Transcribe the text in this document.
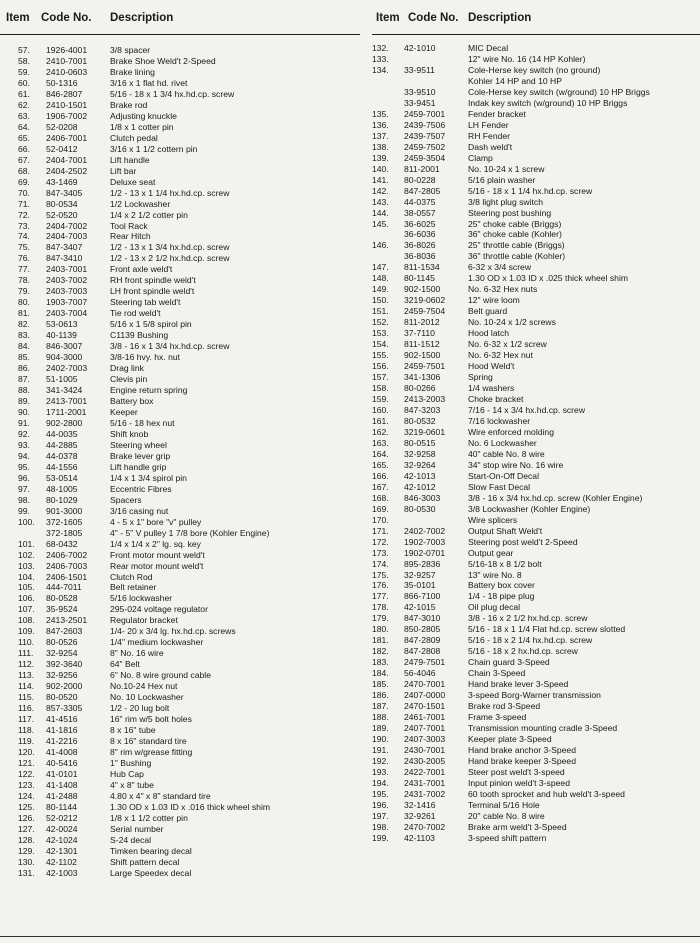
Item Code No. Description
57. 1926-4001	3/8 spacer
58. 2410-7001	Brake Shoe Weld't 2-Speed
59. 2410-0603	Brake lining
60. 50-1316	3/16 x 1 flat hd. rivet
61. 846-2807	5/16 - 18 x 1 3/4 hx.hd.cp. screw
62. 2410-1501	Brake rod
63. 1906-7002	Adjusting knuckle
64. 52-0208	1/8 x 1 cotter pin
65. 2406-7001	Clutch pedal
66. 52-0412	3/16 x 1 1/2 cottern pin
67. 2404-7001	Lift handle
68. 2404-2502	Lift bar
69. 43-1469	Deluxe seat
70. 847-3405	1/2 - 13 x 1 1/4 hx.hd.cp. screw
71. 80-0534	1/2 Lockwasher
72. 52-0520	1/4 x 2 1/2 cotter pin
73. 2404-7002	Tool Rack
74. 2404-7003	Rear Hitch
75. 847-3407	1/2 - 13 x 1 3/4 hx.hd.cp. screw
76. 847-3410	1/2 - 13 x 2 1/2 hx.hd.cp. screw
77. 2403-7001	Front axle weld't
78. 2403-7002	RH front spindle weld't
79. 2403-7003	LH front spindle weld't
80. 1903-7007	Steering tab weld't
81. 2403-7004	Tie rod weld't
82. 53-0613	5/16 x 1 5/8 spirol pin
83. 40-1139	C1139 Bushing
84. 846-3007	3/8 - 16 x 1 3/4 hx.hd.cp. screw
85. 904-3000	3/8-16 hvy. hx. nut
86. 2402-7003	Drag link
87. 51-1005	Clevis pin
88. 341-3424	Engine return spring
89. 2413-7001	Battery box
90. 1711-2001	Keeper
91. 902-2800	5/16 - 18 hex nut
92. 44-0035	Shift knob
93. 44-2885	Steering wheel
94. 44-0378	Brake lever grip
95. 44-1556	Lift handle grip
96. 53-0514	1/4 x 1 3/4 spirol pin
97. 48-1005	Eccentric Fibres
98. 80-1029	Spacers
99. 901-3000	3/16 casing nut
100. 372-1605	4 - 5 x 1" bore "v" pulley
372-1805	4" - 5" V pulley 1 7/8 bore (Kohler Engine)
101. 68-0432	1/4 x 1/4 x 2" lg. sq. key
102. 2406-7002	Front motor mount weld't
103. 2406-7003	Rear motor mount weld't
104. 2406-1501	Clutch Rod
105. 444-7011	Belt retainer
106. 80-0528	5/16 lockwasher
107. 35-9524	295-024 voltage regulator
108. 2413-2501	Regulator bracket
109. 847-2603	1/4- 20 x 3/4 lg. hx.hd.cp. screws
110. 80-0526	1/4" medium lockwasher
111. 32-9254	8" No. 16 wire
112. 392-3640	64" Belt
113. 32-9256	6" No. 8 wire ground cable
114. 902-2000	No.10-24 Hex nut
115. 80-0520	No. 10 Lockwasher
116. 857-3305	1/2 - 20 lug bolt
117. 41-4516	16" rim w/5 bolt holes
118. 41-1816	8 x 16" tube
119. 41-2216	8 x 16" standard tire
120. 41-4008	8" rim w/grease fitting
121. 40-5416	1" Bushing
122. 41-0101	Hub Cap
123. 41-1408	4" x 8" tube
124. 41-2488	4.80 x 4" x 8" standard tire
125. 80-1144	1.30 OD x 1.03 ID x .016 thick wheel shim
126. 52-0212	1/8 x 1 1/2 cotter pin
127. 42-0024	Serial number
128. 42-1024	S-24 decal
129. 42-1301	Timken bearing decal
130. 42-1102	Shift pattern decal
131. 42-1003	Large Speedex decal
Item Code No. Description
132. 42-1010	MIC Decal
133.	12" wire No. 16 (14 HP Kohler)
134. 33-9511	Cole-Herse key switch (no ground)
Kohler 14 HP and 10 HP
33-9510	Cole-Herse key switch (w/ground) 10 HP Briggs
33-9451	Indak key switch (w/ground) 10 HP Briggs
135. 2459-7001	Fender bracket
136. 2439-7506	LH Fender
137. 2439-7507	RH Fender
138. 2459-7502	Dash weld't
139. 2459-3504	Clamp
140. 811-2001	No. 10-24 x 1 screw
141. 80-0228	5/16 plain washer
142. 847-2805	5/16 - 18 x 1 1/4 hx.hd.cp. screw
143. 44-0375	3/8 light plug switch
144. 38-0557	Steering post bushing
145. 36-6025	25" choke cable (Briggs)
36-6036	36" choke cable (Kohler)
146. 36-8026	25" throttle cable (Briggs)
36-8036	36" throttle cable (Kohler)
147. 811-1534	6-32 x 3/4 screw
148. 80-1145	1.30 OD x 1.03 ID x .025 thick wheel shim
149. 902-1500	No. 6-32 Hex nuts
150. 3219-0602	12" wire loom
151. 2459-7504	Belt guard
152. 811-2012	No. 10-24 x 1/2 screws
153. 37-7110	Hood latch
154. 811-1512	No. 6-32 x 1/2 screw
155. 902-1500	No. 6-32 Hex nut
156. 2459-7501	Hood Weld't
157. 341-1306	Spring
158. 80-0266	1/4 washers
159. 2413-2003	Choke bracket
160. 847-3203	7/16 - 14 x 3/4 hx.hd.cp. screw
161. 80-0532	7/16 lockwasher
162. 3219-0601	Wire enforced molding
163. 80-0515	No. 6 Lockwasher
164. 32-9258	40" cable No. 8 wire
165. 32-9264	34" stop wire No. 16 wire
166. 42-1013	Start-On-Off Decal
167. 42-1012	Slow Fast Decal
168. 846-3003	3/8 - 16 x 3/4 hx.hd.cp. screw (Kohler Engine)
169. 80-0530	3/8 Lockwasher (Kohler Engine)
170.	Wire splicers
171. 2402-7002	Output Shaft Weld't
172. 1902-7003	Steering post weld't 2-Speed
173. 1902-0701	Output gear
174. 895-2836	5/16-18 x 8 1/2 bolt
175. 32-9257	13" wire No. 8
176. 35-0101	Battery box cover
177. 866-7100	1/4 - 18 pipe plug
178. 42-1015	Oil plug decal
179. 847-3010	3/8 - 16 x 2 1/2 hx.hd.cp. screw
180. 850-2805	5/16 - 18 x 1 1/4 Flat hd.cp. screw slotted
181. 847-2809	5/16 - 18 x 2 1/4 hx.hd.cp. screw
182. 847-2808	5/16 - 18 x 2 hx.hd.cp. screw
183. 2479-7501	Chain guard 3-Speed
184. 56-4046	Chain 3-Speed
185. 2470-7001	Hand brake lever 3-Speed
186. 2407-0000	3-speed Borg-Warner transmission
187. 2470-1501	Brake rod 3-Speed
188. 2461-7001	Frame 3-speed
189. 2407-7001	Transmission mounting cradle 3-Speed
190. 2407-3003	Keeper plate 3-Speed
191. 2430-7001	Hand brake anchor 3-Speed
192. 2430-2005	Hand brake keeper 3-Speed
193. 2422-7001	Steer post weld't 3-speed
194. 2431-7001	Input pinion weld't 3-speed
195. 2431-7002	60 tooth sprocket and hub weld't 3-speed
196. 32-1416	Terminal 5/16 Hole
197. 32-9261	20" cable No. 8 wire
198. 2470-7002	Brake arm weld't 3-Speed
199. 42-1103	3-speed shift pattern
